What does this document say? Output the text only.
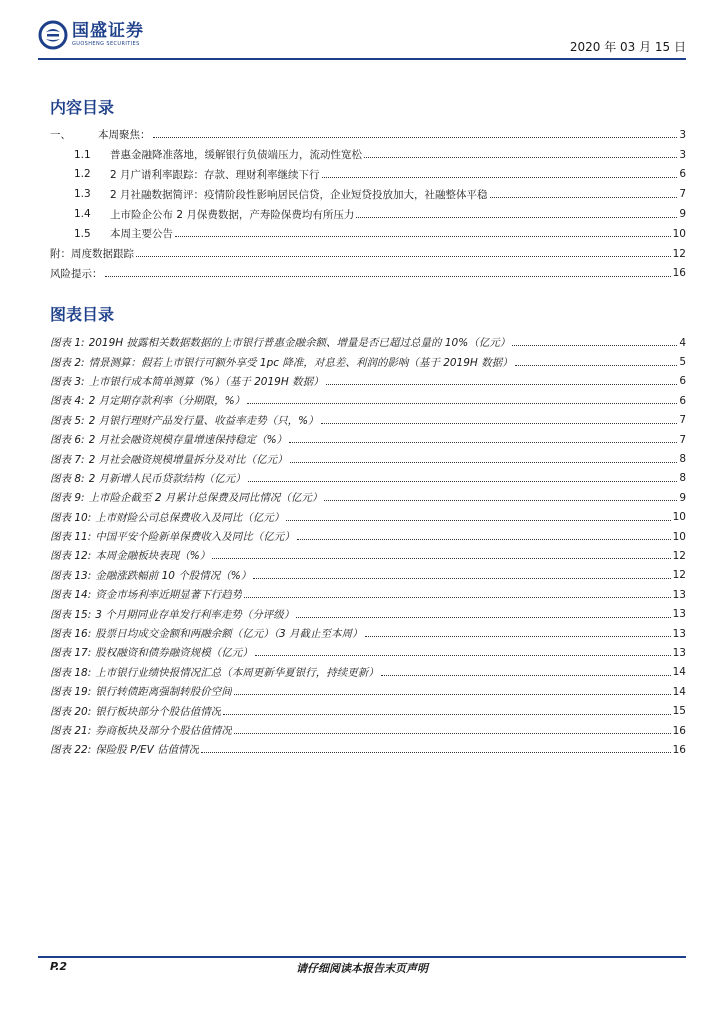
国盛证券
GUOSHENG SECURITIES	2020 年 03 月 15 日
内容目录
一、	本周聚焦：	3
1.1	普惠金融降准落地，缓解银行负债端压力，流动性宽松	3
1.2	2 月广谱利率跟踪：存款、理财利率继续下行	6
1.3	2 月社融数据简评：疫情阶段性影响居民信贷，企业短贷投放加大，社融整体平稳	7
1.4	上市险企公布 2 月保费数据，产寿险保费均有所压力	9
1.5	本周主要公告	10
附：周度数据跟踪	12
风险提示：	16
图表目录
图表 1: 2019H 披露相关数据数据的上市银行普惠金融余额、增量是否已超过总量的 10%（亿元）	4
图表 2: 情景测算：假若上市银行可额外享受 1pc 降准，对息差、利润的影响（基于 2019H 数据）	5
图表 3: 上市银行成本简单测算（%）（基于 2019H 数据）	6
图表 4: 2 月定期存款利率（分期限，%）	6
图表 5: 2 月银行理财产品发行量、收益率走势（只，%）	7
图表 6: 2 月社会融资规模存量增速保持稳定（%）	7
图表 7: 2 月社会融资规模增量拆分及对比（亿元）	8
图表 8: 2 月新增人民币贷款结构（亿元）	8
图表 9: 上市险企截至 2 月累计总保费及同比情况（亿元）	9
图表 10: 上市财险公司总保费收入及同比（亿元）	10
图表 11: 中国平安个险新单保费收入及同比（亿元）	10
图表 12: 本周金融板块表现（%）	12
图表 13: 金融涨跌幅前 10 个股情况（%）	12
图表 14: 资金市场利率近期显著下行趋势	13
图表 15: 3 个月期同业存单发行利率走势（分评级）	13
图表 16: 股票日均成交金额和两融余额（亿元）（3 月截止至本周）	13
图表 17: 股权融资和债券融资规模（亿元）	13
图表 18: 上市银行业绩快报情况汇总（本周更新华夏银行，持续更新）	14
图表 19: 银行转债距离强制转股价空间	14
图表 20: 银行板块部分个股估值情况	15
图表 21: 券商板块及部分个股估值情况	16
图表 22: 保险股 P/EV 估值情况	16
P.2	请仔细阅读本报告末页声明
